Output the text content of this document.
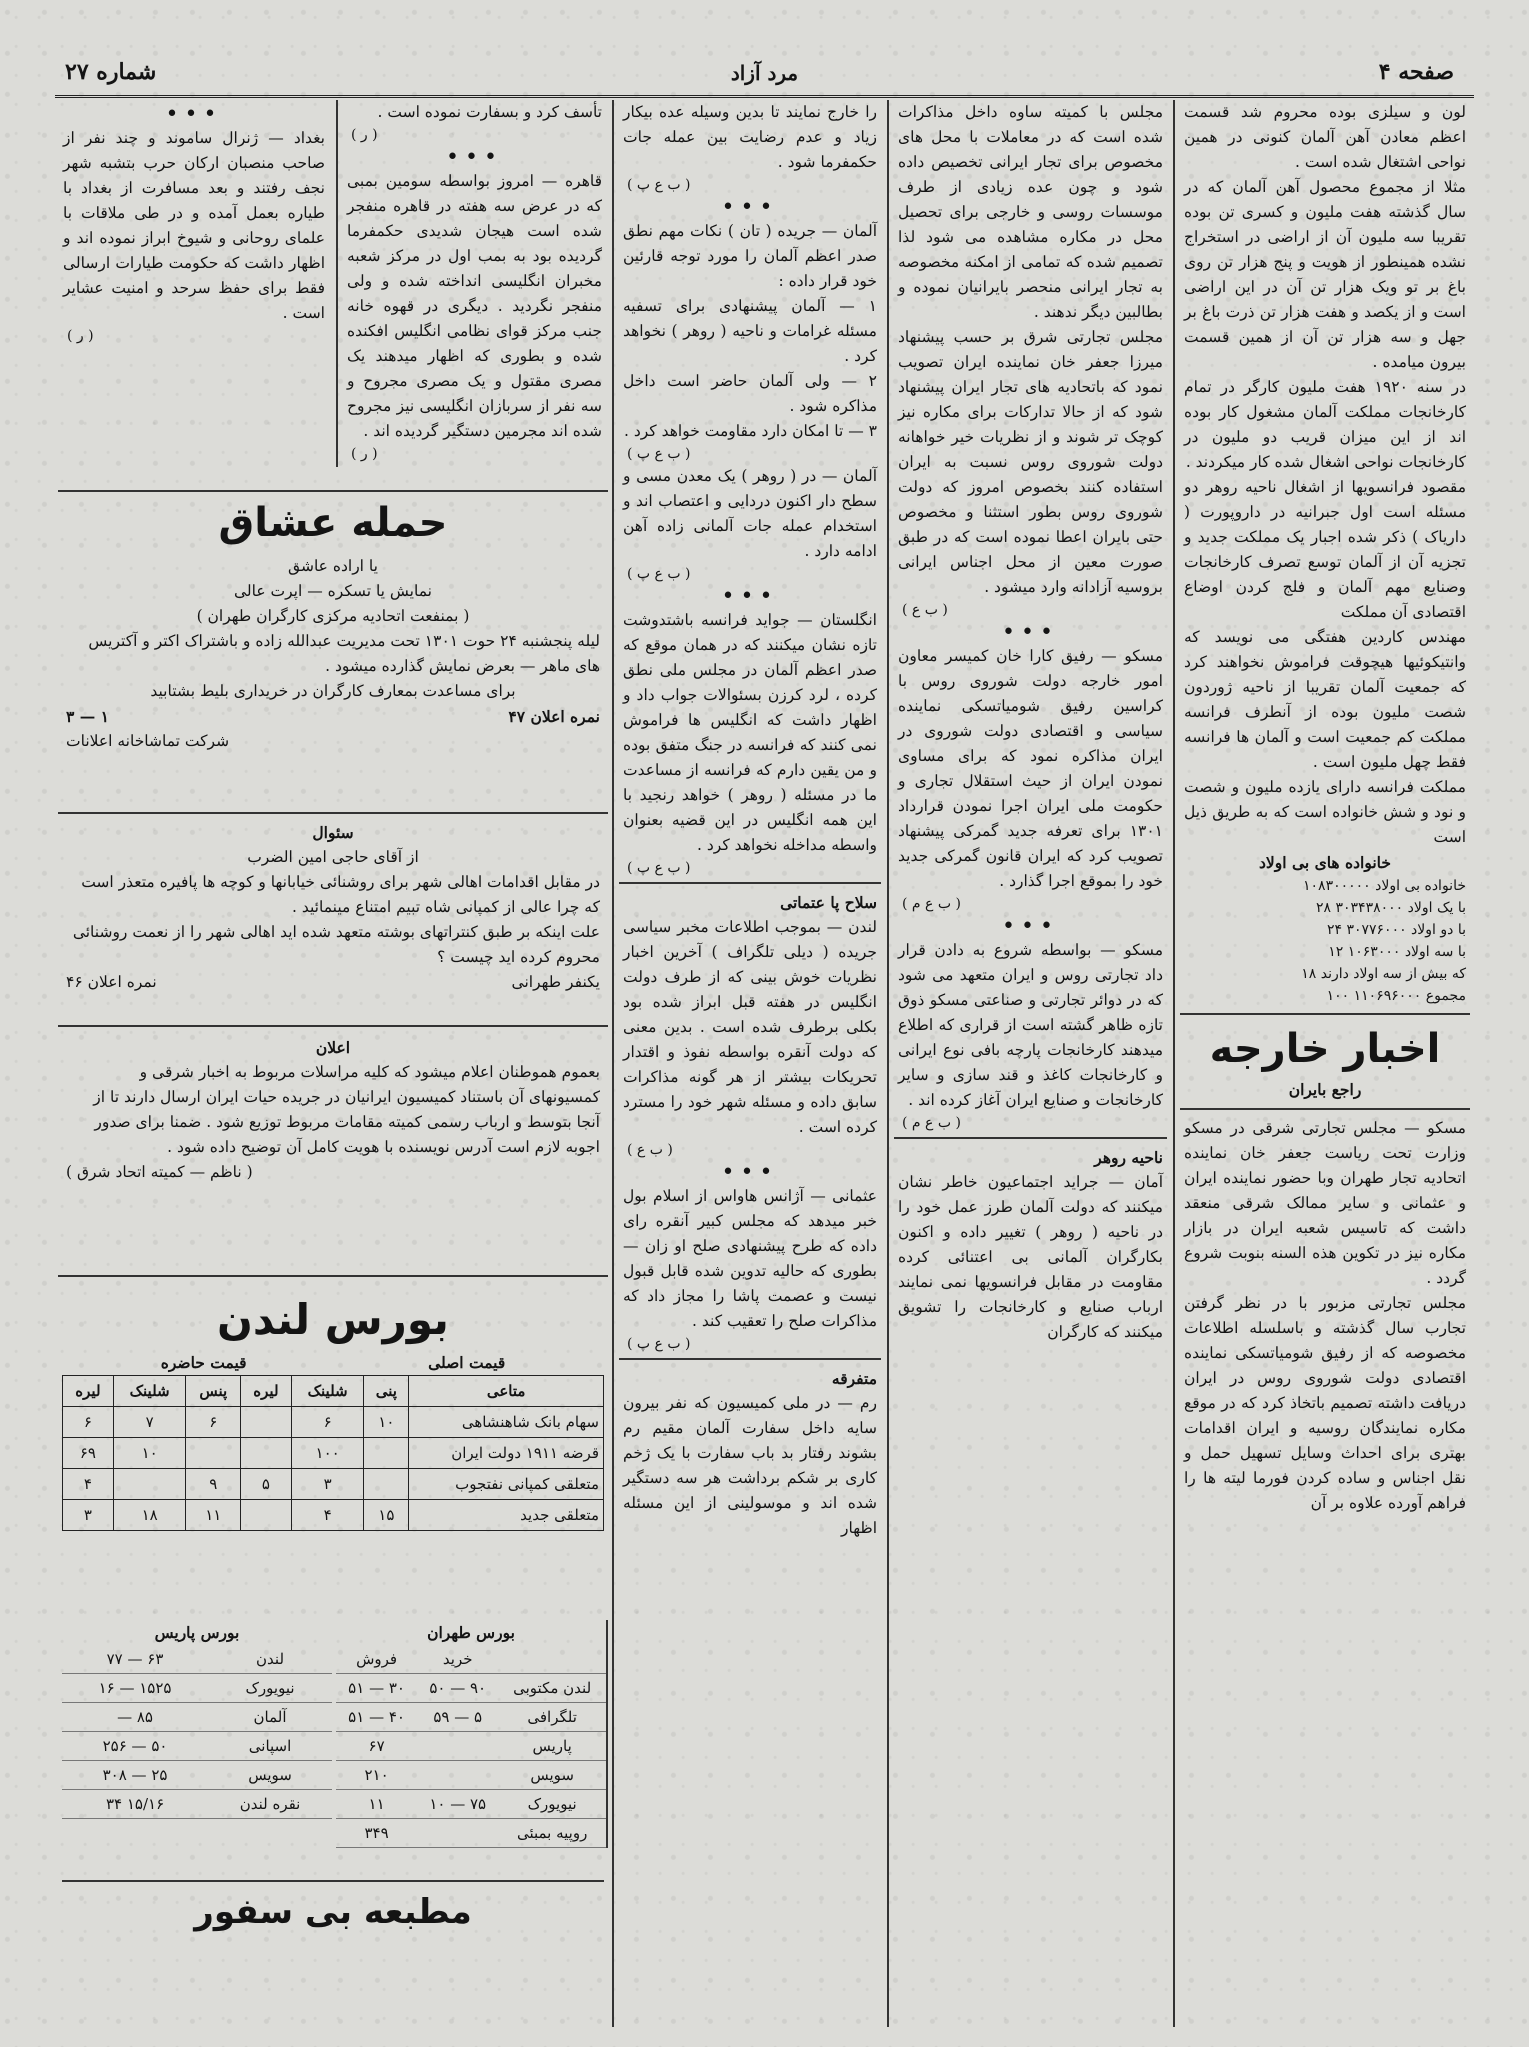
صفحه ۴
مرد آزاد
شماره ۲۷

لون و سیلزی بوده محروم شد قسمت اعظم معادن آهن آلمان کنونی در همین نواحی اشتغال شده است .

مثلا از مجموع محصول آهن آلمان که در سال گذشته هفت ملیون و کسری تن بوده تقریبا سه ملیون آن از اراضی در استخراج نشده همینطور از هویت و پنج هزار تن روی باغ بر تو ویک هزار تن آن در این اراضی است و از یکصد و هفت هزار تن ذرت باغ بر جهل و سه هزار تن آن از همین قسمت بیرون میامده .

در سنه ۱۹۲۰ هفت ملیون کارگر در تمام کارخانجات مملکت آلمان مشغول کار بوده اند از این میزان قریب دو ملیون در کارخانجات نواحی اشغال شده کار میکردند .

مقصود فرانسویها از اشغال ناحیه روهر دو مسئله است اول جبرانیه در داروپورت ( داریاک ) ذکر شده اجبار یک مملکت جدید و تجزیه آن از آلمان توسع تصرف کارخانجات وصنایع مهم آلمان و فلج کردن اوضاع اقتصادی آن مملکت

مهندس کاردین هفتگی می نویسد که وانتیکوئیها هیچوقت فراموش نخواهند کرد که جمعیت آلمان تقریبا از ناحیه ژوردون شصت ملیون بوده از آنطرف فرانسه مملکت کم جمعیت است و آلمان ها فرانسه فقط چهل ملیون است .

مملکت فرانسه دارای یازده ملیون و شصت و نود و شش خانواده است که به طریق ذیل است

خانواده های بی اولاد
خانواده بی اولاد ۱۰۸۳۰۰۰۰۰
با یک اولاد ۳۰۳۴۳۸۰۰۰ ۲۸
با دو اولاد ۳۰۷۷۶۰۰۰ ۲۴
با سه اولاد ۱۰۶۳۰۰۰ ۱۲
که بیش از سه اولاد دارند ۱۸
مجموع ۱۱۰۶۹۶۰۰۰ ۱۰۰
اخبار خارجه
راجع بایران

مسکو — مجلس تجارتی شرقی در مسکو وزارت تحت ریاست جعفر خان نماینده اتحادیه تجار طهران وبا حضور نماینده ایران و عثمانی و سایر ممالک شرقی منعقد داشت که تاسیس شعبه ایران در بازار مکاره نیز در تکوین هذه السنه بنوبت شروع گردد .

مجلس تجارتی مزبور با در نظر گرفتن تجارب سال گذشته و باسلسله اطلاعات مخصوصه که از رفیق شومیاتسکی نماینده اقتصادی دولت شوروی روس در ایران دریافت داشته تصمیم باتخاذ کرد که در موقع مکاره نمایندگان روسیه و ایران اقدامات بهتری برای احداث وسایل تسهیل حمل و نقل اجناس و ساده کردن فورما لیته ها را فراهم آورده علاوه بر آن

مجلس با کمیته ساوه داخل مذاکرات شده است که در معاملات با محل های مخصوص برای تجار ایرانی تخصیص داده شود و چون عده زیادی از طرف موسسات روسی و خارجی برای تحصیل محل در مکاره مشاهده می شود لذا تصمیم شده که تمامی از امکنه مخصوصه به تجار ایرانی منحصر بایرانیان نموده و بطالبین دیگر ندهند .

مجلس تجارتی شرق بر حسب پیشنهاد میرزا جعفر خان نماینده ایران تصویب نمود که باتحادیه های تجار ایران پیشنهاد شود که از حالا تدارکات برای مکاره نیز کوچک تر شوند و از نظریات خیر خواهانه دولت شوروی روس نسبت به ایران استفاده کنند بخصوص امروز که دولت شوروی روس بطور استثنا و مخصوص حتی بایران اعطا نموده است که در طبق صورت معین از محل اجناس ایرانی بروسیه آزادانه وارد میشود .

( ب ع )
•••

مسکو — رفیق کارا خان کمیسر معاون امور خارجه دولت شوروی روس با کراسین رفیق شومیاتسکی نماینده سیاسی و اقتصادی دولت شوروی در ایران مذاکره نمود که برای مساوی نمودن ایران از حیث استقلال تجاری و حکومت ملی ایران اجرا نمودن قرارداد ۱۳۰۱ برای تعرفه جدید گمرکی پیشنهاد تصویب کرد که ایران قانون گمرکی جدید خود را بموقع اجرا گذارد .

( ب ع م )
•••

مسکو — بواسطه شروع به دادن قرار داد تجارتی روس و ایران متعهد می شود که در دوائر تجارتی و صناعتی مسکو ذوق تازه ظاهر گشته است از قراری که اطلاع میدهند کارخانجات پارچه بافی نوع ایرانی و کارخانجات کاغذ و قند سازی و سایر کارخانجات و صنایع ایران آغاز کرده اند .

( ب ع م )
ناحیه روهر

آمان — جراید اجتماعیون خاطر نشان میکنند که دولت آلمان طرز عمل خود را در ناحیه ( روهر ) تغییر داده و اکنون بکارگران آلمانی بی اعتنائی کرده مقاومت در مقابل فرانسویها نمی نمایند ارباب صنایع و کارخانجات را تشویق میکنند که کارگران

را خارج نمایند تا بدین وسیله عده بیکار زیاد و عدم رضایت بین عمله جات حکمفرما شود .

( ب ع پ )
•••

آلمان — جریده ( تان ) نکات مهم نطق صدر اعظم آلمان را مورد توجه قارئین خود قرار داده :

۱ — آلمان پیشنهادی برای تسفیه مسئله غرامات و ناحیه ( روهر ) نخواهد کرد .

۲ — ولی آلمان حاضر است داخل مذاکره شود .

۳ — تا امکان دارد مقاومت خواهد کرد .

( ب ع پ )

آلمان — در ( روهر ) یک معدن مسی و سطح دار اکنون دردایی و اعتصاب اند و استخدام عمله جات آلمانی زاده آهن ادامه دارد .

( ب ع پ )
•••

انگلستان — جواید فرانسه باشتدوشت تازه نشان میکنند که در همان موقع که صدر اعظم آلمان در مجلس ملی نطق کرده ، لرد کرزن بسئوالات جواب داد و اظهار داشت که انگلیس ها فراموش نمی کنند که فرانسه در جنگ متفق بوده و من یقین دارم که فرانسه از مساعدت ما در مسئله ( روهر ) خواهد رنجید با این همه انگلیس در این قضیه بعنوان واسطه مداخله نخواهد کرد .

( ب ع پ )
سلاح پا عتماتی

لندن — بموجب اطلاعات مخبر سیاسی جریده ( دیلی تلگراف ) آخرین اخبار نظریات خوش بینی که از طرف دولت انگلیس در هفته قبل ابراز شده بود بکلی برطرف شده است . بدین معنی که دولت آنقره بواسطه نفوذ و اقتدار تحریکات بیشتر از هر گونه مذاکرات سابق داده و مسئله شهر خود را مسترد کرده است .

( ب ع )
•••

عثمانی — آژانس هاواس از اسلام بول خبر میدهد که مجلس کبیر آنقره رای داده که طرح پیشنهادی صلح او زان — بطوری که حالیه تدوین شده قابل قبول نیست و عصمت پاشا را مجاز داد که مذاکرات صلح را تعقیب کند .

( ب ع پ )
متفرقه

رم — در ملی کمیسیون که نفر بیرون سایه داخل سفارت آلمان مقیم رم بشوند رفتار بد باب سفارت با یک ژخم کاری بر شکم برداشت هر سه دستگیر شده اند و موسولینی از این مسئله اظهار

تأسف کرد و بسفارت نموده است .

( ر )
•••

قاهره — امروز بواسطه سومین بمبی که در عرض سه هفته در قاهره منفجر شده است هیجان شدیدی حکمفرما گردیده بود به بمب اول در مرکز شعبه مخبران انگلیسی انداخته شده و ولی منفجر نگردید . دیگری در قهوه خانه جنب مرکز قوای نظامی انگلیس افکنده شده و بطوری که اظهار میدهند یک مصری مقتول و یک مصری مجروح و سه نفر از سربازان انگلیسی نیز مجروح شده اند مجرمین دستگیر گردیده اند .

( ر )
•••

بغداد — ژنرال ساموند و چند نفر از صاحب منصبان ارکان حرب بتشبه شهر نجف رفتند و بعد مسافرت از بغداد با طیاره بعمل آمده و در طی ملاقات با علمای روحانی و شیوخ ابراز نموده اند و اظهار داشت که حکومت طیارات ارسالی فقط برای حفظ سرحد و امنیت عشایر است .

( ر )
حمله عشاق
یا اراده عاشق
نمایش یا تسکره — اپرت عالی
( بمنفعت اتحادیه مرکزی کارگران طهران )

لیله پنجشنبه ۲۴ حوت ۱۳۰۱ تحت مدیریت عبدالله زاده و باشتراک اکتر و آکتریس های ماهر — بعرض نمایش گذارده میشود .

برای مساعدت بمعارف کارگران در خریداری بلیط بشتابید
نمره اعلان ۴۷
۱ — ۳
شرکت تماشاخانه اعلانات
سئوال
از آقای حاجی امین الضرب

در مقابل اقدامات اهالی شهر برای روشنائی خیابانها و کوچه ها پافیره متعذر است که چرا عالی از کمپانی شاه تبیم امتناع مینمائید .

علت اینکه بر طبق کنتراتهای بوشته متعهد شده اید اهالی شهر را از نعمت روشنائی محروم کرده اید چیست ؟

یکنفر طهرانی
نمره اعلان ۴۶
اعلان

بعموم هموطنان اعلام میشود که کلیه مراسلات مربوط به اخبار شرقی و کمسیونهای آن باستناد کمیسیون ایرانیان در جریده حیات ایران ارسال دارند تا از آنجا بتوسط و ارباب رسمی کمیته مقامات مربوط توزیع شود . ضمنا برای صدور اجوبه لازم است آدرس نویسنده با هویت کامل آن توضیح داده شود .

( ناظم — کمیته اتحاد شرق )
بورس لندن
قیمت اصلی
قیمت حاضره
متاعی	پنی	شلینک	لیره	پنس	شلینک	لیره
سهام بانک شاهنشاهی	۱۰	۶		۶	۷	۶
قرضه ۱۹۱۱ دولت ایران		۱۰۰			۱۰	۶۹
متعلقی کمپانی نفتجوب		۳	۵	۹		۴
متعلقی جدید	۱۵	۴		۱۱	۱۸	۳
بورس طهران
	خرید	فروش
لندن مکتوبی	۹۰ — ۵۰	۳۰ — ۵۱
تلگرافی	۵ — ۵۹	۴۰ — ۵۱
پاریس		۶۷
سویس		۲۱۰
نیویورک	۷۵ — ۱۰	۱۱
روپیه بمبئی		۳۴۹
بورس پاریس
لندن	۶۳ — ۷۷
نیویورک	۱۵۲۵ — ۱۶
آلمان	۸۵ —
اسپانی	۵۰ — ۲۵۶
سویس	۲۵ — ۳۰۸
نقره لندن	۱۵/۱۶ ۳۴
مطبعه بی سفور
